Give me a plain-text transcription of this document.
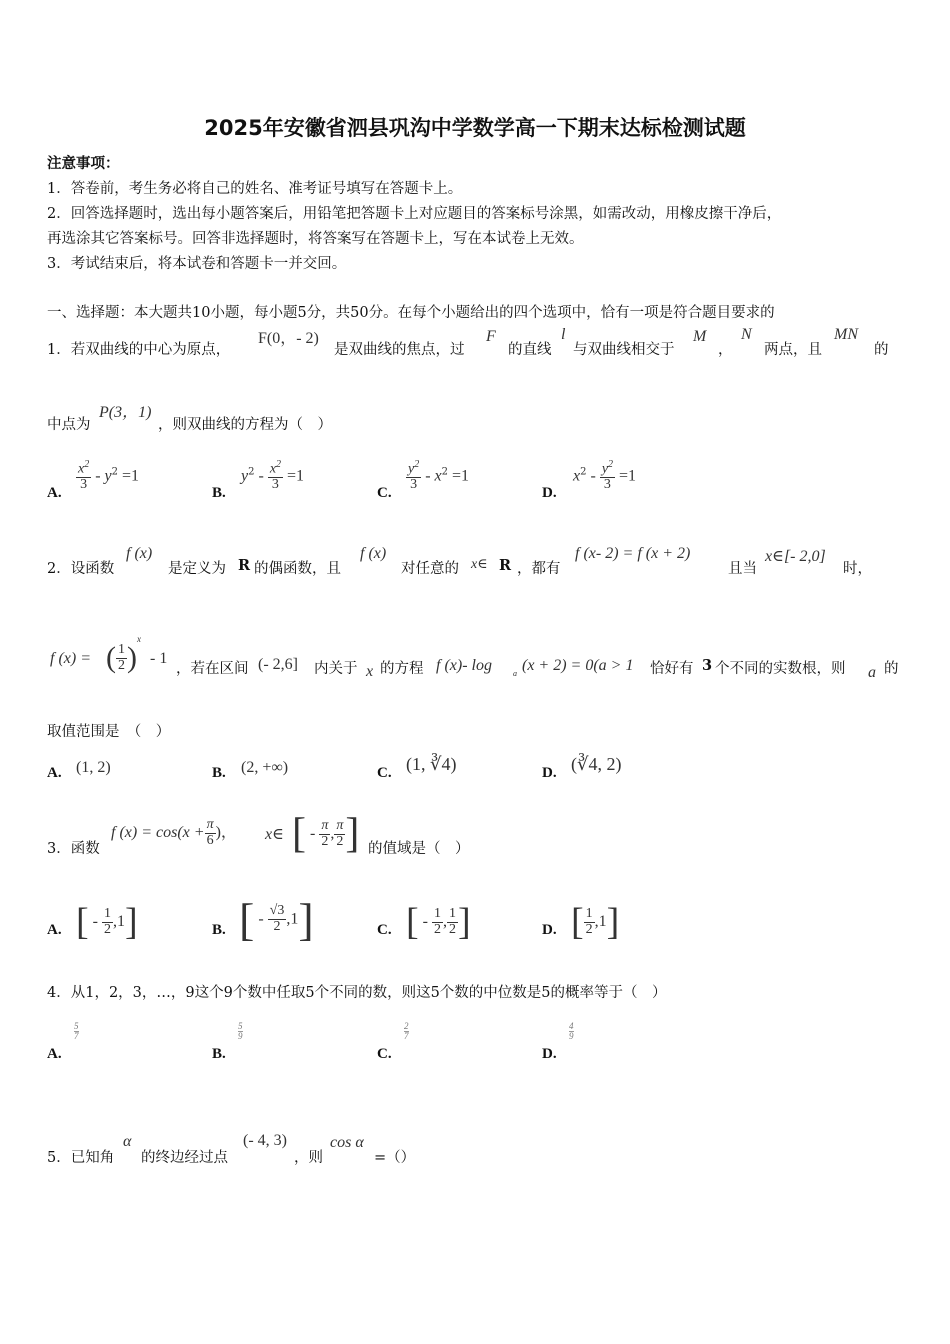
2025年安徽省泗县巩沟中学数学高一下期末达标检测试题
注意事项：
1．答卷前，考生务必将自己的姓名、准考证号填写在答题卡上。
2．回答选择题时，选出每小题答案后，用铅笔把答题卡上对应题目的答案标号涂黑，如需改动，用橡皮擦干净后，
再选涂其它答案标号。回答非选择题时，将答案写在答题卡上，写在本试卷上无效。
3．考试结束后，将本试卷和答题卡一并交回。
一、选择题：本大题共10小题，每小题5分，共50分。在每个小题给出的四个选项中，恰有一项是符合题目要求的
1．若双曲线的中心为原点，
F(0，- 2)
是双曲线的焦点，过
F
的直线
l
与双曲线相交于
M
，
N
两点，且
MN
的
中点为
P(3，1)
，则双曲线的方程为（　）
A. $\frac{x^2}{3} - y^2 =1$
B.
$y^2 - \frac{x^2}{3} =1$
C. $\frac{y^2}{3} - x^2 =1$
D.
$x^2 - \frac{y^2}{3} =1$
2．设函数
f (x)
是定义为 R 的偶函数，且
f (x)
对任意的 x∈ R ，都有
f (x- 2) = f (x + 2)
且当
x∈[- 2,0]
时，
f (x) = ( $\frac{1}{2} )^x$
- 1
，若在区间 (- 2,6] 内关于 x 的方程 f (x)- log	a (x + 2) = 0(a > 1 恰好有 3 个不同的实数根，则 a 的
取值范围是　（　）
A. (1, 2)	B. (2, +∞)	C. (1, ∛4)	D. (∛4, 2)
3．函数
f $(x) = \cos(x + \frac{\pi}{6}$ )， x∈ [ - $\frac{\pi}{2}$ , $\frac{\pi}{2}$ ] 的值域是（　）
A. [ - $\frac{1}{2} ,1$]	B. [ - $\frac{√3}{2} ,1$]	C. [ - $\frac{1}{2}$ , $\frac{1}{2}$ ]	D. [ $\frac{1}{2} ,1$]
4．从1，2，3，…，9这个9个数中任取5个不同的数，则这5个数的中位数是5的概率等于（　）
A.
5
7
B.
5
9
C.
2
7
D.
4
9
5．已知角
α
的终边经过点
(- 4, 3)
，则
cos α
=（）
